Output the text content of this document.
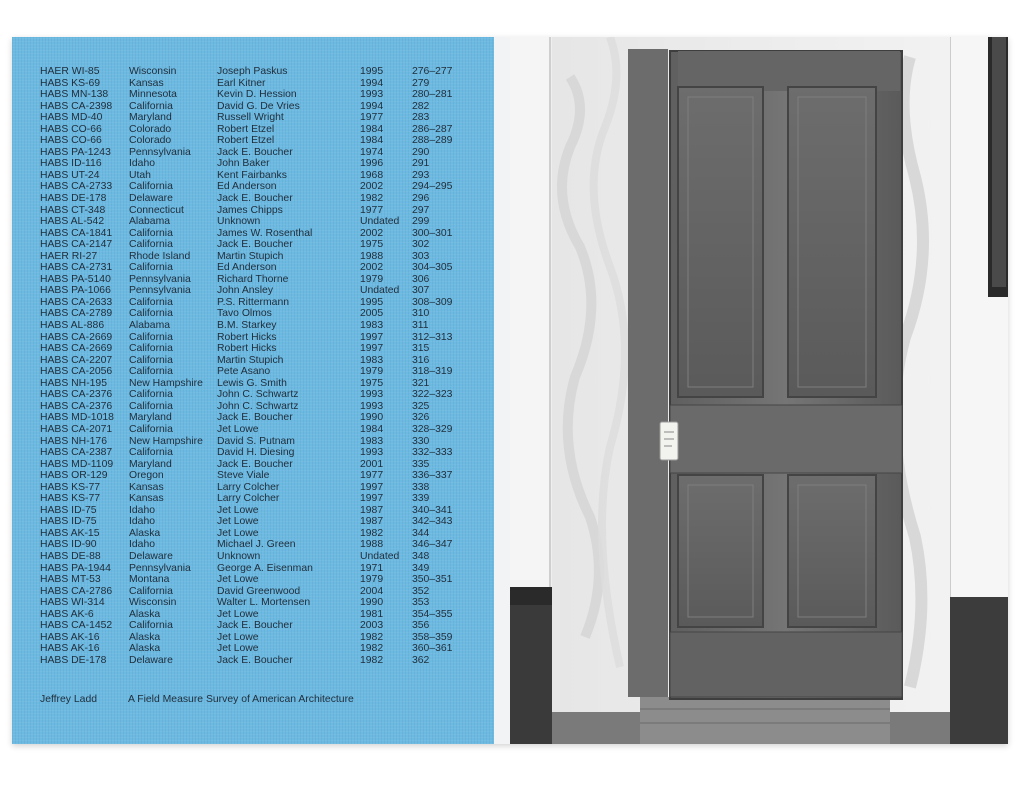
HAER WI-85	Wisconsin	Joseph Paskus	1995	276–277
HABS KS-69	Kansas	Earl Kitner	1994	279
HABS MN-138	Minnesota	Kevin D. Hession	1993	280–281
HABS CA-2398	California	David G. De Vries	1994	282
HABS MD-40	Maryland	Russell Wright	1977	283
HABS CO-66	Colorado	Robert Etzel	1984	286–287
HABS CO-66	Colorado	Robert Etzel	1984	288–289
HABS PA-1243	Pennsylvania	Jack E. Boucher	1974	290
HABS ID-116	Idaho	John Baker	1996	291
HABS UT-24	Utah	Kent Fairbanks	1968	293
HABS CA-2733	California	Ed Anderson	2002	294–295
HABS DE-178	Delaware	Jack E. Boucher	1982	296
HABS CT-348	Connecticut	James Chipps	1977	297
HABS AL-542	Alabama	Unknown	Undated	299
HABS CA-1841	California	James W. Rosenthal	2002	300–301
HABS CA-2147	California	Jack E. Boucher	1975	302
HAER RI-27	Rhode Island	Martin Stupich	1988	303
HABS CA-2731	California	Ed Anderson	2002	304–305
HABS PA-5140	Pennsylvania	Richard Thorne	1979	306
HABS PA-1066	Pennsylvania	John Ansley	Undated	307
HABS CA-2633	California	P.S. Rittermann	1995	308–309
HABS CA-2789	California	Tavo Olmos	2005	310
HABS AL-886	Alabama	B.M. Starkey	1983	311
HABS CA-2669	California	Robert Hicks	1997	312–313
HABS CA-2669	California	Robert Hicks	1997	315
HABS CA-2207	California	Martin Stupich	1983	316
HABS CA-2056	California	Pete Asano	1979	318–319
HABS NH-195	New Hampshire	Lewis G. Smith	1975	321
HABS CA-2376	California	John C. Schwartz	1993	322–323
HABS CA-2376	California	John C. Schwartz	1993	325
HABS MD-1018	Maryland	Jack E. Boucher	1990	326
HABS CA-2071	California	Jet Lowe	1984	328–329
HABS NH-176	New Hampshire	David S. Putnam	1983	330
HABS CA-2387	California	David H. Diesing	1993	332–333
HABS MD-1109	Maryland	Jack E. Boucher	2001	335
HABS OR-129	Oregon	Steve Viale	1977	336–337
HABS KS-77	Kansas	Larry Colcher	1997	338
HABS KS-77	Kansas	Larry Colcher	1997	339
HABS ID-75	Idaho	Jet Lowe	1987	340–341
HABS ID-75	Idaho	Jet Lowe	1987	342–343
HABS AK-15	Alaska	Jet Lowe	1982	344
HABS ID-90	Idaho	Michael J. Green	1988	346–347
HABS DE-88	Delaware	Unknown	Undated	348
HABS PA-1944	Pennsylvania	George A. Eisenman	1971	349
HABS MT-53	Montana	Jet Lowe	1979	350–351
HABS CA-2786	California	David Greenwood	2004	352
HABS WI-314	Wisconsin	Walter L. Mortensen	1990	353
HABS AK-6	Alaska	Jet Lowe	1981	354–355
HABS CA-1452	California	Jack E. Boucher	2003	356
HABS AK-16	Alaska	Jet Lowe	1982	358–359
HABS AK-16	Alaska	Jet Lowe	1982	360–361
HABS DE-178	Delaware	Jack E. Boucher	1982	362
Jeffrey Ladd	A Field Measure Survey of American Architecture
